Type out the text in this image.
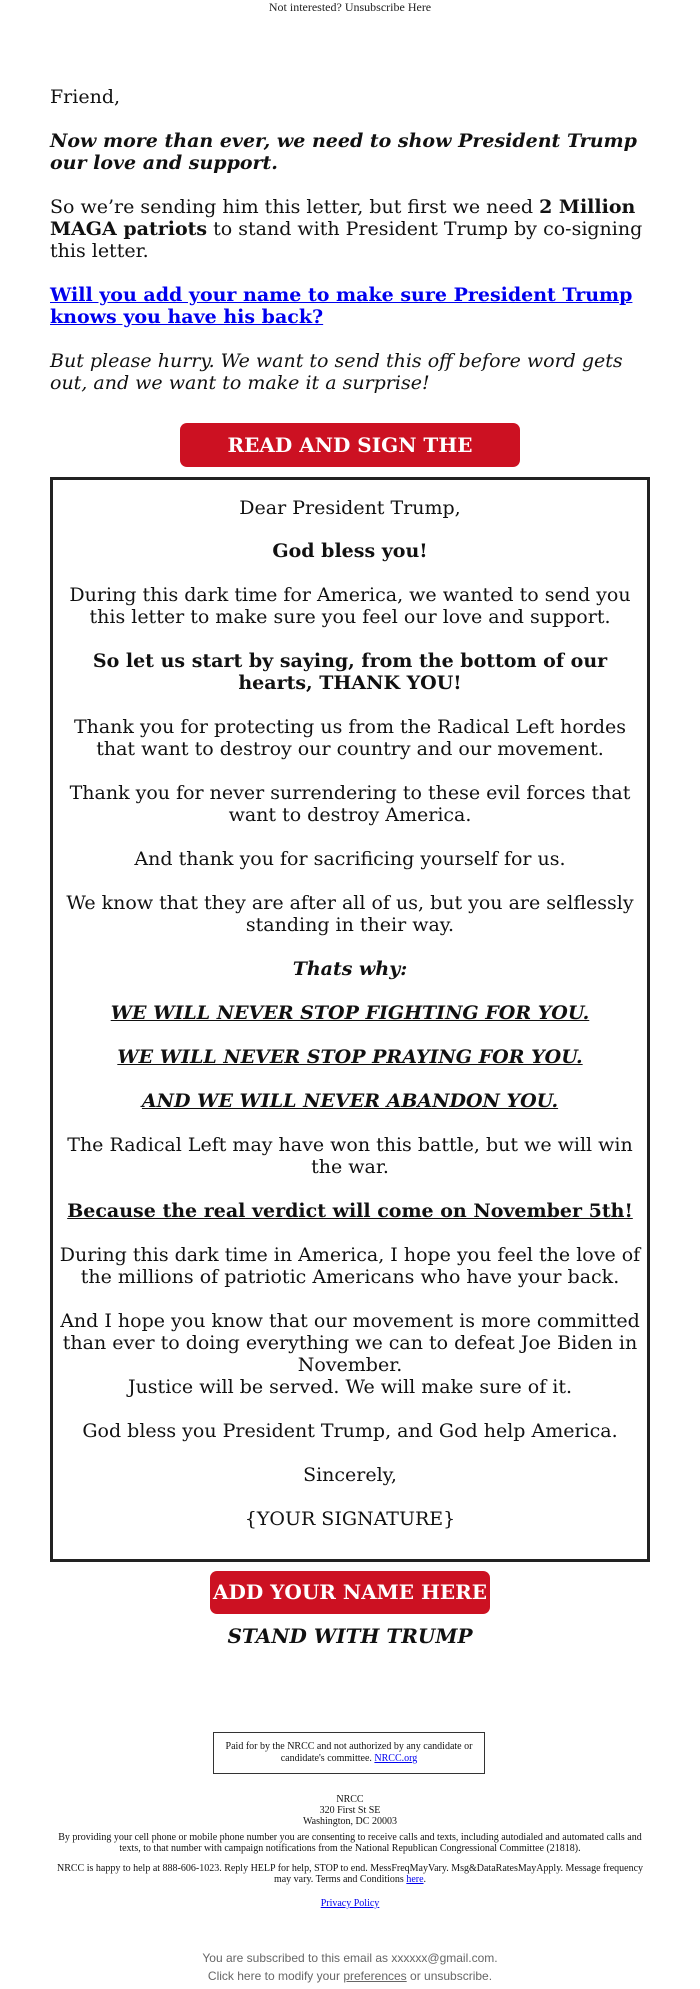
Not interested? Unsubscribe Here

Friend,

Now more than ever, we need to show President Trump our love and support.

So we’re sending him this letter, but first we need 2 Million MAGA patriots to stand with President Trump by co-signing this letter.

Will you add your name to make sure President Trump knows you have his back?

But please hurry. We want to send this off before word gets out, and we want to make it a surprise!

READ AND SIGN THE LETTER

Dear President Trump,

God bless you!

During this dark time for America, we wanted to send you this letter to make sure you feel our love and support.

So let us start by saying, from the bottom of our hearts, THANK YOU!

Thank you for protecting us from the Radical Left hordes that want to destroy our country and our movement.

Thank you for never surrendering to these evil forces that want to destroy America.

And thank you for sacrificing yourself for us.

We know that they are after all of us, but you are selflessly standing in their way.

Thats why:

WE WILL NEVER STOP FIGHTING FOR YOU.

WE WILL NEVER STOP PRAYING FOR YOU.

AND WE WILL NEVER ABANDON YOU.

The Radical Left may have won this battle, but we will win the war.

Because the real verdict will come on November 5th!

During this dark time in America, I hope you feel the love of the millions of patriotic Americans who have your back.

And I hope you know that our movement is more committed than ever to doing everything we can to defeat Joe Biden in November.

Justice will be served. We will make sure of it.

God bless you President Trump, and God help America.

Sincerely,

{YOUR SIGNATURE}

ADD YOUR NAME HERE
STAND WITH TRUMP
Paid for by the NRCC and not authorized by any candidate or candidate's committee. NRCC.org
NRCC
320 First St SE
Washington, DC 20003
By providing your cell phone or mobile phone number you are consenting to receive calls and texts, including autodialed and automated calls and texts, to that number with campaign notifications from the National Republican Congressional Committee (21818).
NRCC is happy to help at 888-606-1023. Reply HELP for help, STOP to end. MessFreqMayVary. Msg&DataRatesMayApply. Message frequency may vary. Terms and Conditions here.
Privacy Policy
You are subscribed to this email as xxxxxx@gmail.com.
Click here to modify your preferences or unsubscribe.
